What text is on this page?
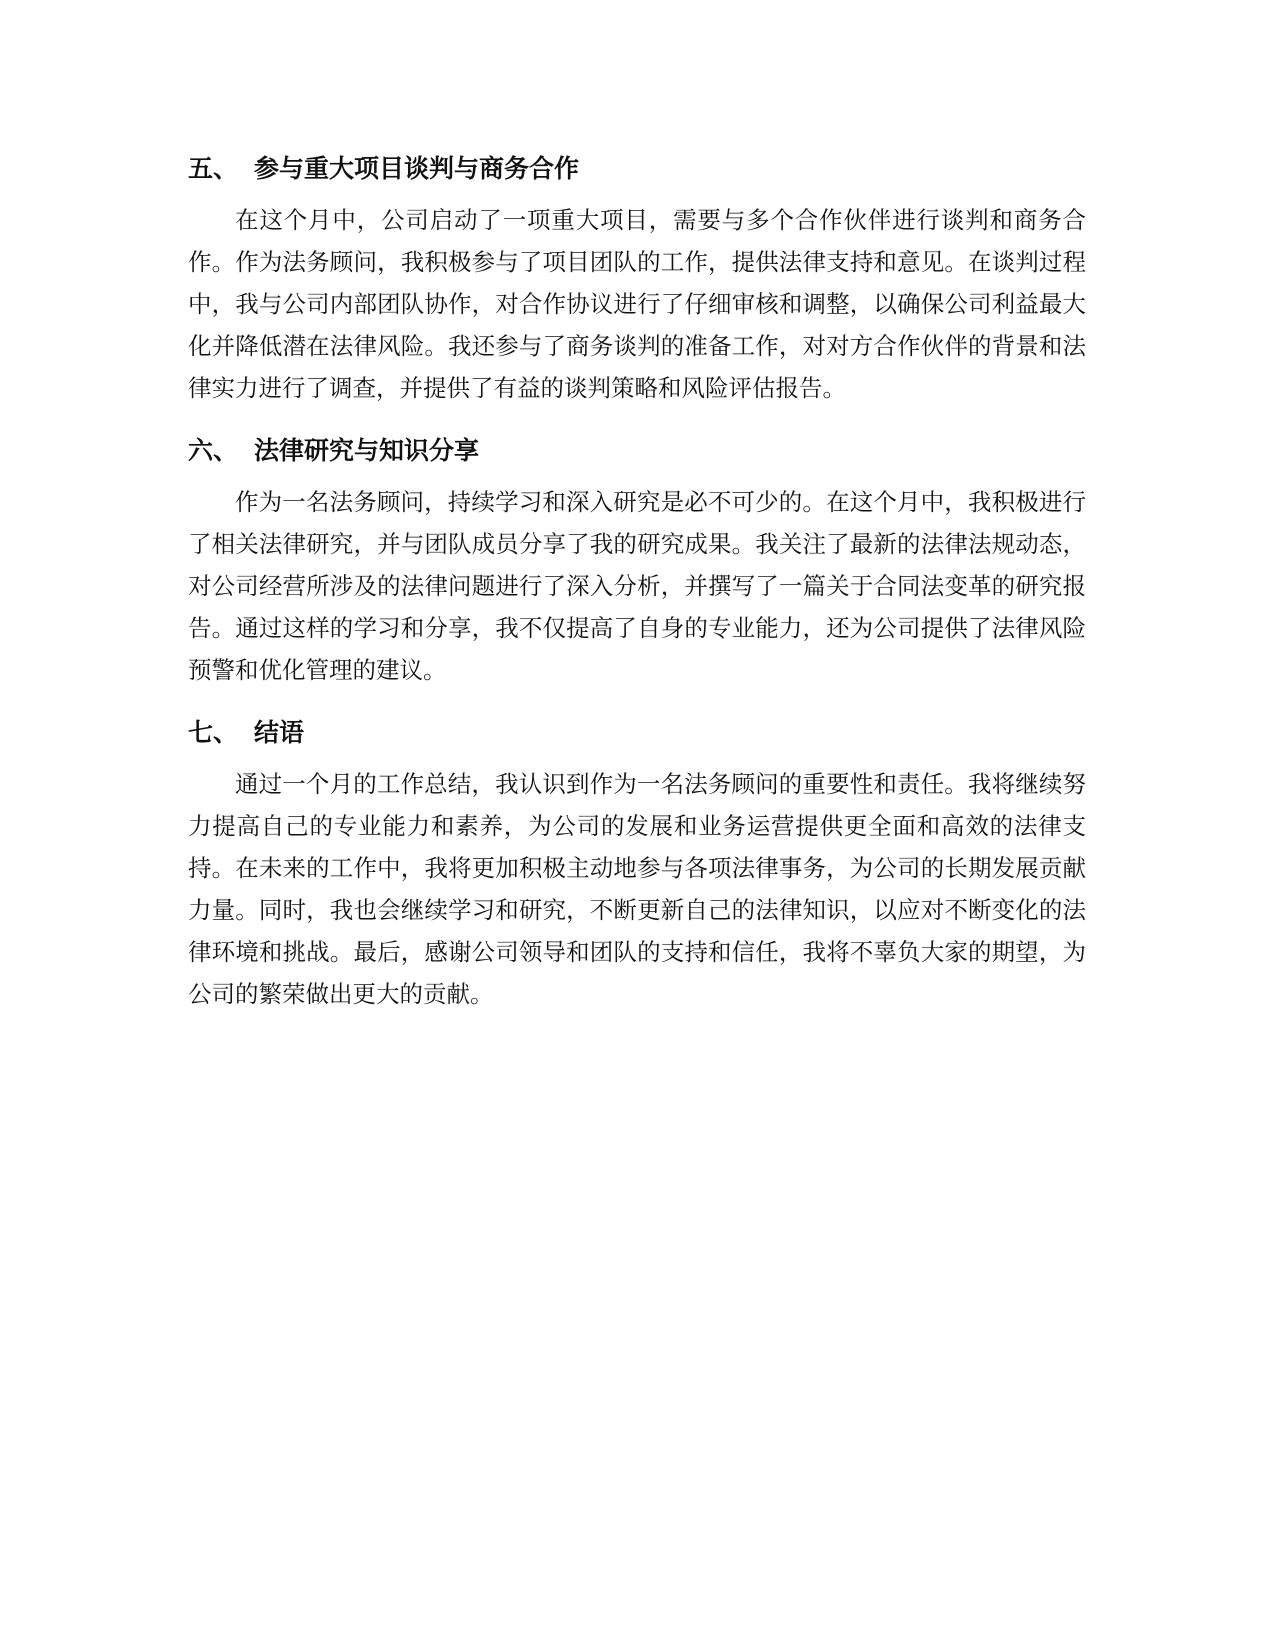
五、 参与重大项目谈判与商务合作

在这个月中，公司启动了一项重大项目，需要与多个合作伙伴进行谈判和商务合作。作为法务顾问，我积极参与了项目团队的工作，提供法律支持和意见。在谈判过程中，我与公司内部团队协作，对合作协议进行了仔细审核和调整，以确保公司利益最大化并降低潜在法律风险。我还参与了商务谈判的准备工作，对对方合作伙伴的背景和法律实力进行了调查，并提供了有益的谈判策略和风险评估报告。

六、 法律研究与知识分享

作为一名法务顾问，持续学习和深入研究是必不可少的。在这个月中，我积极进行了相关法律研究，并与团队成员分享了我的研究成果。我关注了最新的法律法规动态，对公司经营所涉及的法律问题进行了深入分析，并撰写了一篇关于合同法变革的研究报告。通过这样的学习和分享，我不仅提高了自身的专业能力，还为公司提供了法律风险预警和优化管理的建议。

七、 结语

通过一个月的工作总结，我认识到作为一名法务顾问的重要性和责任。我将继续努力提高自己的专业能力和素养，为公司的发展和业务运营提供更全面和高效的法律支持。在未来的工作中，我将更加积极主动地参与各项法律事务，为公司的长期发展贡献力量。同时，我也会继续学习和研究，不断更新自己的法律知识，以应对不断变化的法律环境和挑战。最后，感谢公司领导和团队的支持和信任，我将不辜负大家的期望，为公司的繁荣做出更大的贡献。
